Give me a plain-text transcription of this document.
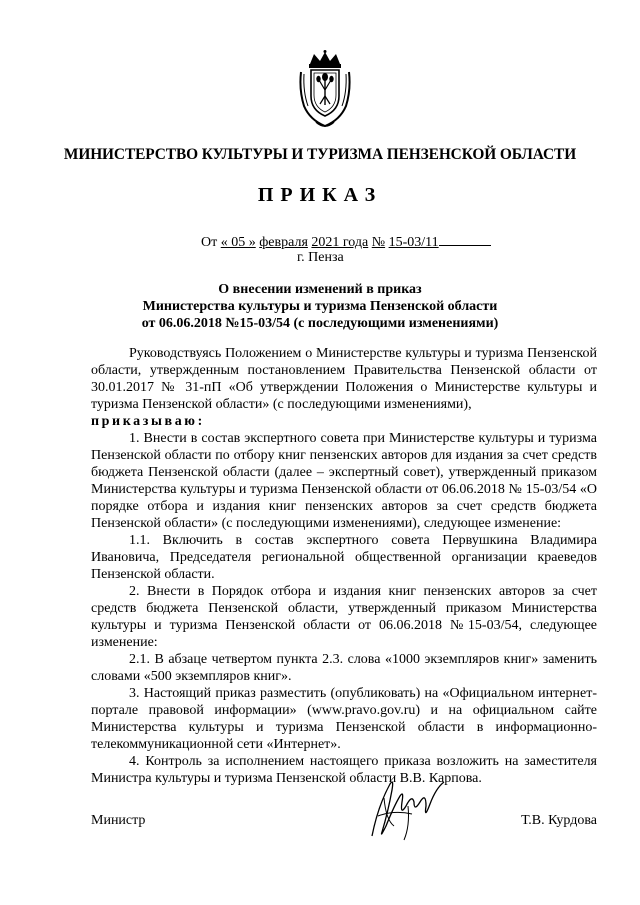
МИНИСТЕРСТВО КУЛЬТУРЫ И ТУРИЗМА ПЕНЗЕНСКОЙ ОБЛАСТИ
ПРИКАЗ
От « 05 » февраля 2021 года № 15-03/11
г. Пенза
О внесении изменений в приказ
Министерства культуры и туризма Пензенской области
от 06.06.2018 №15-03/54 (с последующими изменениями)

Руководствуясь Положением о Министерстве культуры и туризма Пензенской области, утвержденным постановлением Правительства Пензенской области от 30.01.2017 № 31-пП «Об утверждении Положения о Министерстве культуры и туризма Пензенской области» (с последующими изменениями),

приказываю:

1. Внести в состав экспертного совета при Министерстве культуры и туризма Пензенской области по отбору книг пензенских авторов для издания за счет средств бюджета Пензенской области (далее – экспертный совет), утвержденный приказом Министерства культуры и туризма Пензенской области от 06.06.2018 № 15-03/54 «О порядке отбора и издания книг пензенских авторов за счет средств бюджета Пензенской области» (с последующими изменениями), следующее изменение:

1.1. Включить в состав экспертного совета Первушкина Владимира Ивановича, Председателя региональной общественной организации краеведов Пензенской области.

2. Внести в Порядок отбора и издания книг пензенских авторов за счет средств бюджета Пензенской области, утвержденный приказом Министерства культуры и туризма Пензенской области от 06.06.2018 №15-03/54, следующее изменение:

2.1. В абзаце четвертом пункта 2.3. слова «1000 экземпляров книг» заменить словами «500 экземпляров книг».

3. Настоящий приказ разместить (опубликовать) на «Официальном интернет-портале правовой информации» (www.pravo.gov.ru) и на официальном сайте Министерства культуры и туризма Пензенской области в информационно-телекоммуникационной сети «Интернет».

4. Контроль за исполнением настоящего приказа возложить на заместителя Министра культуры и туризма Пензенской области В.В. Карпова.

Министр	Т.В. Курдова
